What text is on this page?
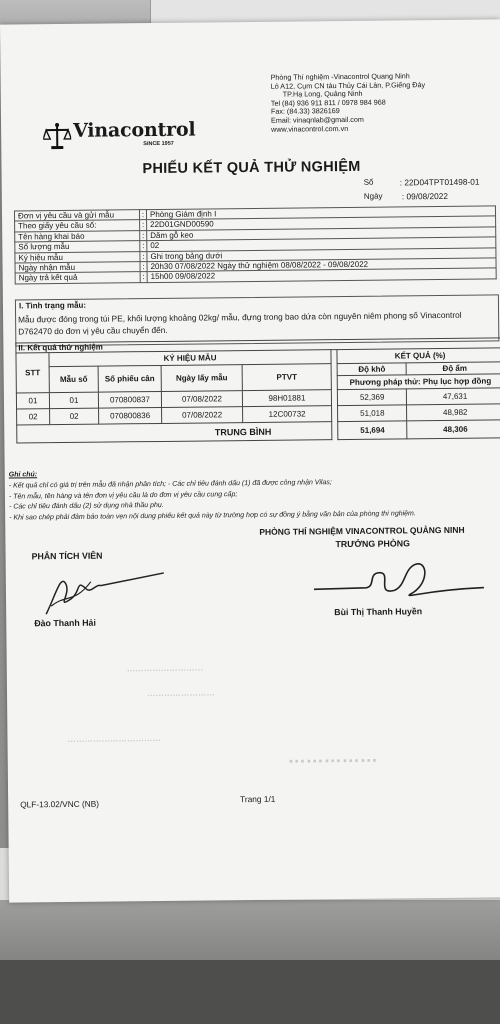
Phòng Thí nghiệm -Vinacontrol Quang Ninh
Lô A12, Cụm CN tàu Thủy Cái Lân, P.Giếng Đáy
TP.Hạ Long, Quảng Ninh
Tel (84) 936 911 811 / 0978 984 968
Fax: (84.33) 3826169
Email: vinaqnlab@gmail.com
www.vinacontrol.com.vn
Vinacontrol
SINCE 1957
PHIẾU KẾT QUẢ THỬ NGHIỆM
Số	: 22D04TPT01498-01
Ngày : 09/08/2022
Đơn vị yêu cầu và gửi mẫu	:	Phòng Giám định I
Theo giấy yêu cầu số:	:	22D01GND00590
Tên hàng khai báo	:	Dăm gỗ keo
Số lượng mẫu	:	02
Ký hiệu mẫu	:	Ghi trong bảng dưới
Ngày nhận mẫu	:	20h30 07/08/2022 Ngày thử nghiệm 08/08/2022 - 09/08/2022
Ngày trả kết quả	:	15h00 09/08/2022
I. Tình trạng mẫu:
Mẫu được đóng trong túi PE, khối lượng khoảng 02kg/ mẫu, đựng trong bao dứa còn nguyên niêm phong số Vinacontrol D762470 do đơn vị yêu cầu chuyển đến.
II. Kết quả thử nghiệm							
STT	KÝ HIỆU MẪU					KẾT QUẢ (%)	
	Mẫu số	Số phiếu cân	Ngày lấy mẫu	PTVT		Độ khô	Độ ẩm
						Phương pháp thử: Phụ lục hợp đồng	
01	01	070800837	07/08/2022	98H01881		52,369	47,631
02	02	070800836	07/08/2022	12C00732		51,018	48,982
TRUNG BÌNH						51,694	48,306
Ghi chú:
- Kết quả chỉ có giá trị trên mẫu đã nhận phân tích; - Các chỉ tiêu đánh dấu (1) đã được công nhận Vilas;
- Tên mẫu, tên hàng và tên đơn vị yêu cầu là do đơn vị yêu cầu cung cấp;
- Các chỉ tiêu đánh dấu (2) sử dụng nhà thầu phụ.
- Khi sao chép phải đảm bảo toàn vẹn nội dung phiếu kết quả này từ trường hợp có sự đồng ý bằng văn bản của phòng thí nghiệm.
PHÒNG THÍ NGHIỆM VINACONTROL QUẢNG NINH
TRƯỞNG PHÒNG
PHÂN TÍCH VIÊN
Đào Thanh Hải
Bùi Thị Thanh Huyền
………………………
……………………
……………………………
……………
QLF-13.02/VNC (NB)	Trang 1/1
